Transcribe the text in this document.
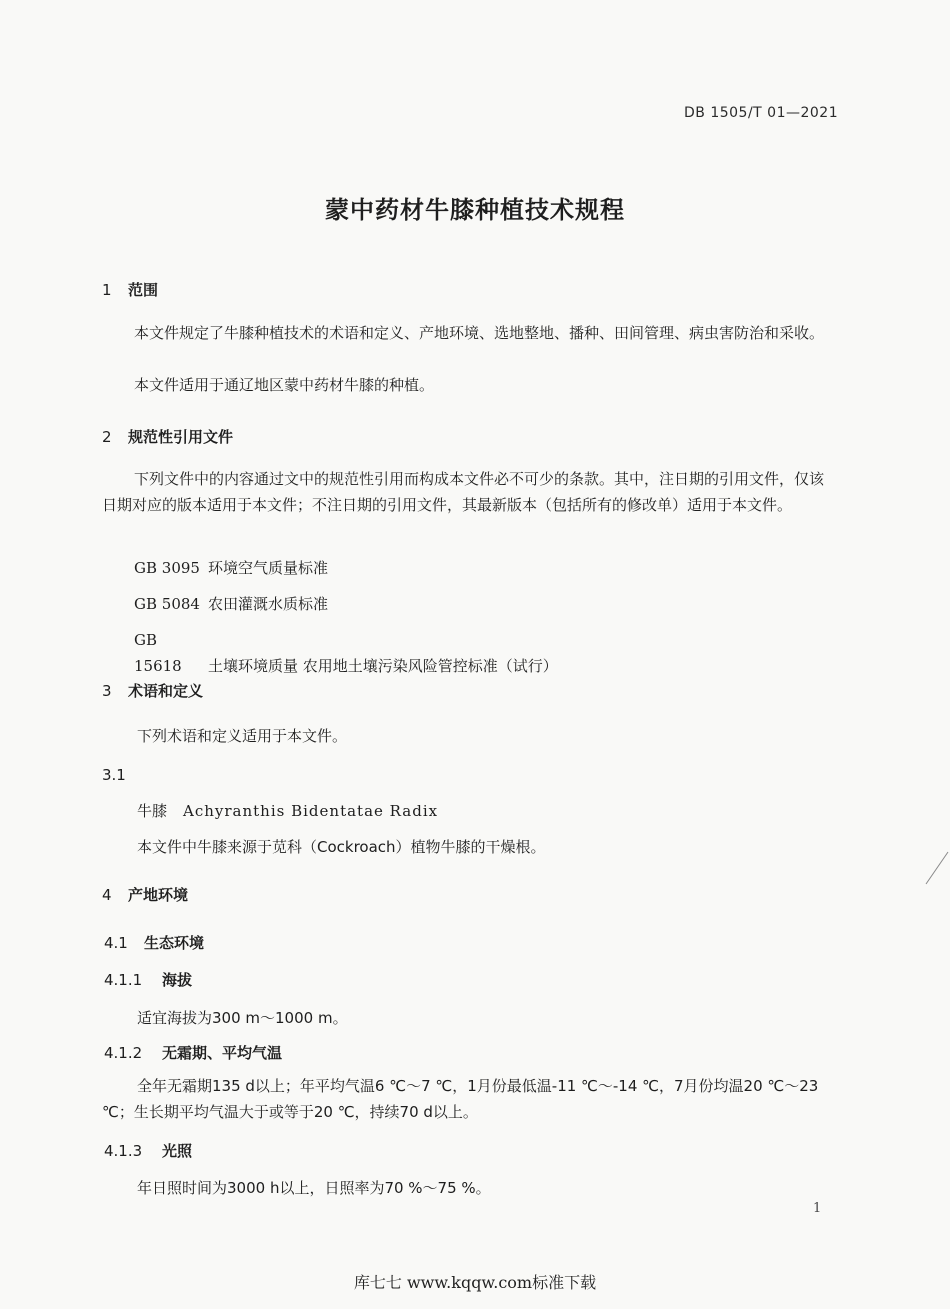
DB 1505/T 01—2021
蒙中药材牛膝种植技术规程
1 范围
本文件规定了牛膝种植技术的术语和定义、产地环境、选地整地、播种、田间管理、病虫害防治和采收。
本文件适用于通辽地区蒙中药材牛膝的种植。
2 规范性引用文件
下列文件中的内容通过文中的规范性引用而构成本文件必不可少的条款。其中，注日期的引用文件，仅该日期对应的版本适用于本文件；不注日期的引用文件，其最新版本（包括所有的修改单）适用于本文件。
GB 3095 环境空气质量标准
GB 5084 农田灌溉水质标准
GB 15618 土壤环境质量 农用地土壤污染风险管控标准（试行）
3 术语和定义
下列术语和定义适用于本文件。
3.1
牛膝 Achyranthis Bidentatae Radix
本文件中牛膝来源于苋科（Cockroach）植物牛膝的干燥根。
4 产地环境
4.1 生态环境
4.1.1 海拔
适宜海拔为300 m～1000 m。
4.1.2 无霜期、平均气温
全年无霜期135 d以上；年平均气温6 ℃～7 ℃，1月份最低温-11 ℃～-14 ℃，7月份均温20 ℃～23 ℃；生长期平均气温大于或等于20 ℃，持续70 d以上。
4.1.3 光照
年日照时间为3000 h以上，日照率为70 %～75 %。
1
库七七 www.kqqw.com标准下载
